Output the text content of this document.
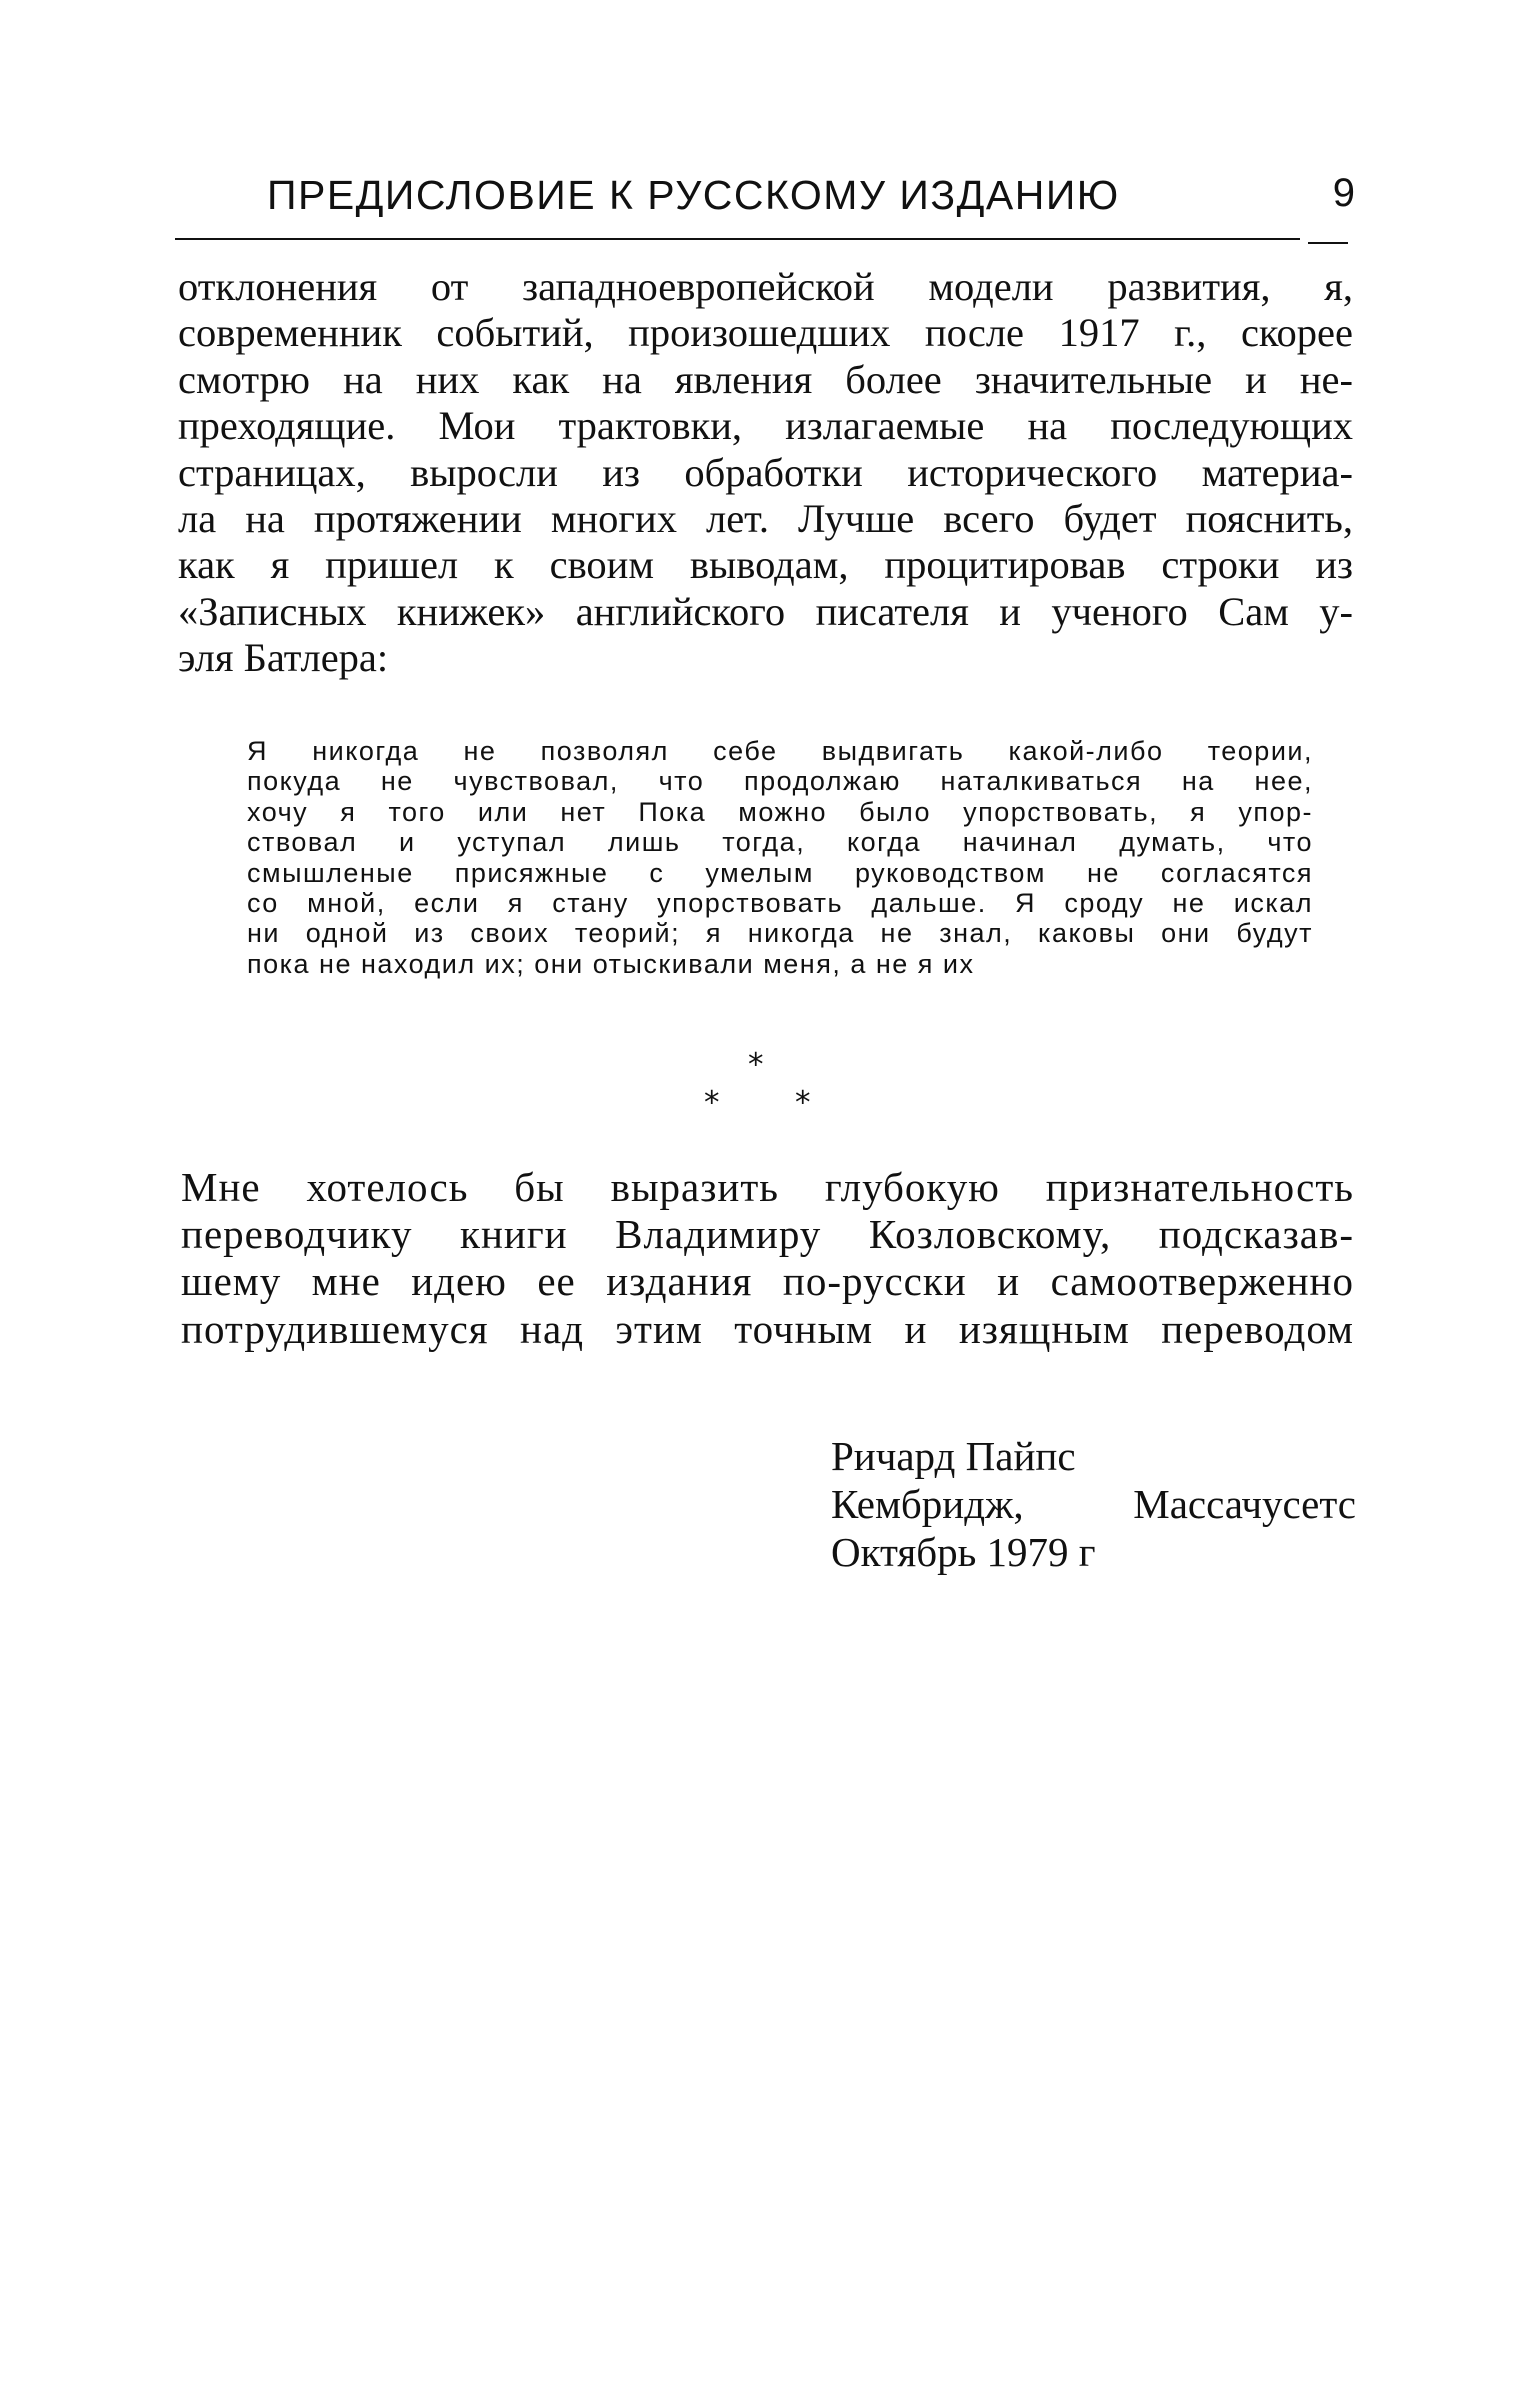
ПРЕДИСЛОВИЕ К РУССКОМУ ИЗДАНИЮ	9
отклонения от западноевропейской модели развития, я,
современник событий, произошедших после 1917 г., скорее
смотрю на них как на явления более значительные и не-
преходящие. Мои трактовки, излагаемые на последующих
страницах, выросли из обработки исторического материа-
ла на протяжении многих лет. Лучше всего будет пояснить,
как я пришел к своим выводам, процитировав строки из
«Записных книжек» английского писателя и ученого Сам у-
эля Батлера:
Я никогда не позволял себе выдвигать какой-либо теории,
покуда не чувствовал, что продолжаю наталкиваться на нее,
хочу я того или нет Пока можно было упорствовать, я упор-
ствовал и уступал лишь тогда, когда начинал думать, что
смышленые присяжные с умелым руководством не согласятся
со мной, если я стану упорствовать дальше. Я сроду не искал
ни одной из своих теорий; я никогда не знал, каковы они будут
пока не находил их; они отыскивали меня, а не я их
*
* *
Мне хотелось бы выразить глубокую признательность
переводчику книги Владимиру Козловскому, подсказав-
шему мне идею ее издания по-русски и самоотверженно
потрудившемуся над этим точным и изящным переводом
Ричард Пайпс
Кембридж, Массачусетс
Октябрь 1979 г
